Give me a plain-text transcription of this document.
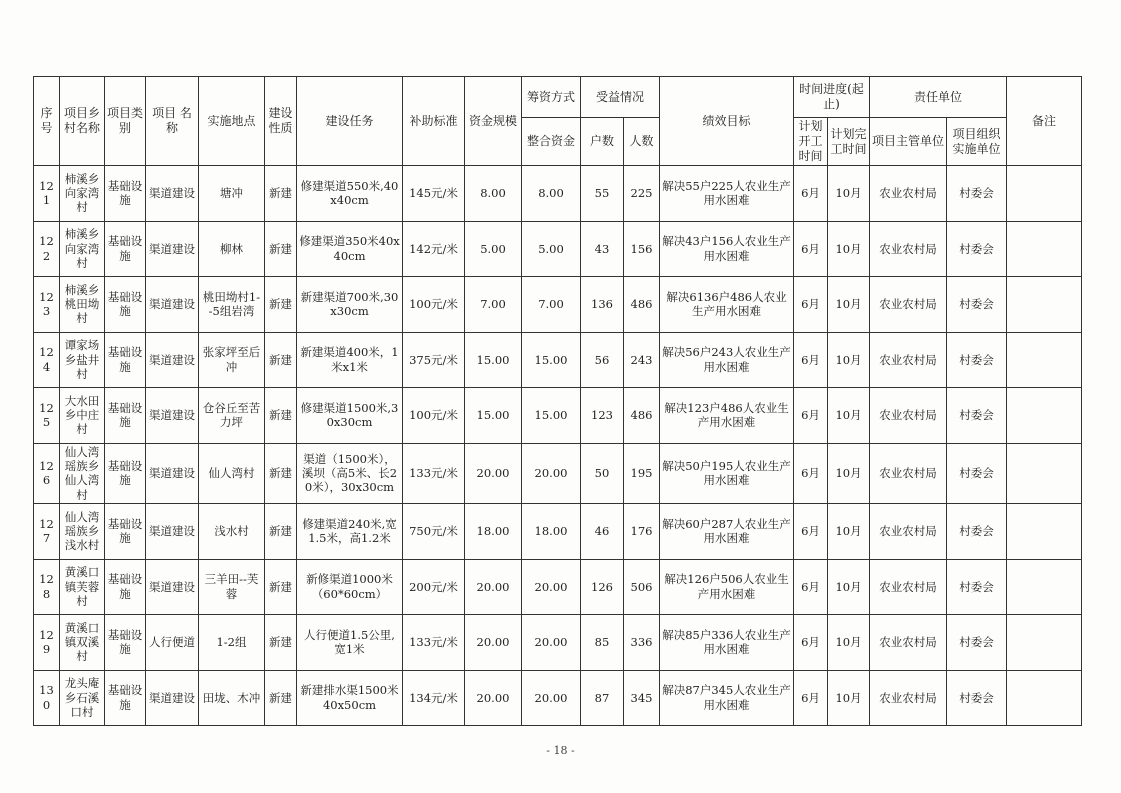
序号	项目乡村名称	项目类别	项目 名称	实施地点	建设性质	建设任务	补助标准	资金规模	筹资方式	受益情况		绩效目标	时间进度(起止)		责任单位		备注
									整合资金	户数	人数		计划开工时间	计划完工时间	项目主管单位	项目组织实施单位	
121	柿溪乡向家湾村	基础设施	渠道建设	塘冲	新建	修建渠道550米,40x40cm	145元/米	8.00	8.00	55	225	解决55户225人农业生产用水困难	6月	10月	农业农村局	村委会	
122	柿溪乡向家湾村	基础设施	渠道建设	柳林	新建	修建渠道350米40x40cm	142元/米	5.00	5.00	43	156	解决43户156人农业生产用水困难	6月	10月	农业农村局	村委会	
123	柿溪乡桃田坳村	基础设施	渠道建设	桃田坳村1--5组岩湾	新建	新建渠道700米,30x30cm	100元/米	7.00	7.00	136	486	解决6136户486人农业生产用水困难	6月	10月	农业农村局	村委会	
124	谭家场乡盐井村	基础设施	渠道建设	张家坪至后冲	新建	新建渠道400米，1米x1米	375元/米	15.00	15.00	56	243	解决56户243人农业生产用水困难	6月	10月	农业农村局	村委会	
125	大水田乡中庄村	基础设施	渠道建设	仓谷丘至苦力坪	新建	修建渠道1500米,30x30cm	100元/米	15.00	15.00	123	486	解决123户486人农业生产用水困难	6月	10月	农业农村局	村委会	
126	仙人湾瑶族乡仙人湾村	基础设施	渠道建设	仙人湾村	新建	渠道（1500米），溪坝（高5米、长20米），30x30cm	133元/米	20.00	20.00	50	195	解决50户195人农业生产用水困难	6月	10月	农业农村局	村委会	
127	仙人湾瑶族乡浅水村	基础设施	渠道建设	浅水村	新建	修建渠道240米,宽1.5米，高1.2米	750元/米	18.00	18.00	46	176	解决60户287人农业生产用水困难	6月	10月	农业农村局	村委会	
128	黄溪口镇芙蓉村	基础设施	渠道建设	三羊田--芙蓉	新建	新修渠道1000米（60*60cm）	200元/米	20.00	20.00	126	506	解决126户506人农业生产用水困难	6月	10月	农业农村局	村委会	
129	黄溪口镇双溪村	基础设施	人行便道	1-2组	新建	人行便道1.5公里,宽1米	133元/米	20.00	20.00	85	336	解决85户336人农业生产用水困难	6月	10月	农业农村局	村委会	
130	龙头庵乡石溪口村	基础设施	渠道建设	田垅、木冲	新建	新建排水渠1500米40x50cm	134元/米	20.00	20.00	87	345	解决87户345人农业生产用水困难	6月	10月	农业农村局	村委会	
- 18 -
